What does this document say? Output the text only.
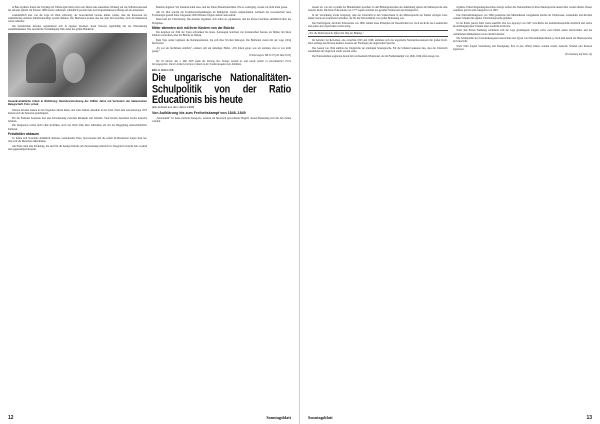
in Bau ergriffen, hatten die Vorgänge im Volkswagen-Werk schon seit Jahren eine erkennbare Wirkung auf das Selbstbewusstsein der Arbeiter gehabt. Im Februar 1969 wurde verhandelt, schließlich gewann man auch Zugeständnisse in Bezug auf die Arbeitszeit.

Grundsätzlich aber war die Lage im Werk schwierig; die Gewerkschaft betonte immer wieder, dass die Interessen der ausländischen Arbeiter mitberücksichtigt werden müssten. Der Betriebsrat konnte dies nur zum Teil erreichen, doch die Diskussion wurde lebhafter.

Die italienischen Arbeiter organisierten sich in eigenen Vereinen, deren Vertreter regelmäßig mit der Werksleitung zusammenkamen. Die sprachliche Verständigung blieb dabei das größte Hindernis.

Gewerkschaftliche Arbeit in Wolfsburg: Betriebsratssitzung der 1960er Jahre mit Vertretern der italienischen Belegschaft. Foto: privat

Weitere Arbeiter kamen in den folgenden Jahren hinzu, und viele blieben dauerhaft in der Stadt. Nach dem Anwerbestopp 1973 änderte sich die Situation grundlegend.

Für die Familien bedeutete dies eine Entscheidung zwischen Rückkehr und Verbleib. Viele Kinder besuchten bereits deutsche Schulen.

Die Integration verlief nicht ohne Konflikte, doch das Werk blieb über Jahrzehnte ein Ort der Begegnung unterschiedlicher Kulturen.

Feindbilder abbauen

So ließen sich Vorurteile allmählich abbauen. Gemeinsame Feste, Sportvereine und die Arbeit im Betriebsrat trugen dazu bei, dass sich die Menschen näherkamen.

Am Ende stand eine Erfahrung, die auch für die heutige Debatte um Zuwanderung lehrreich ist: Integration braucht Zeit, Geduld und gegenseitigen Respekt.

Betriebe abgeben. Wir bekamen dafür neue, und nur bittere Bauarbeiterlöhne. Wie es weiterging, wissen wir nicht mehr genau.

Am 24. Mai wurden die Koalitionsverhandlungen im Ruhrgebiet wieder aufgenommen, nachdem die Gewerkschaft neue Forderungen gestellt hatte. Insgesamt 2200 Offiziere folgten damals dem Aufruf.

Dann kam der Umschwung: Die Arbeiter begannen, sich selbst zu organisieren, und die Presse berichtete ausführlich über die Ereignisse.

Mitter stimmten sich mit ihren Kindern von der Brücke

Die Angaben zur Zahl der Toten schwanken bis heute. Zeitzeugen berichten von dramatischen Szenen, als Mütter mit ihren Kindern versuchten, über die Brücke zu fliehen.

Dem Tage später beginnen die Rettungsarbeiten, die sich über Wochen hinzogen. Die Behörden waren mit der Lage völlig überfordert.

„Es war ein furchtbarer Anblick“, erinnert sich ein damaliger Helfer. „Wir haben getan, was wir konnten, aber es war nicht genug.“

Erinnerungen: BP 213/3 (28. Mai 2015)

Vor 20 Jahren: Am 1. Mai 1995 nahm die Zeitung ihre heutige Gestalt an und wurde seither in unveränderter Form herausgegeben. Dieser Artikel erschien erstmals in der Sonderausgabe zum Jubiläum.

BÉLA HOLLÓS
Die ungarische Nationalitäten-Schulpolitik von der Ratio Educationis bis heute
(Ein Aufsatz aus dem Jahre 1990)
Von Aufklärung bis zum Freiheitskampf von 1848–1849

„Nationalität“ ist keine statische Kategorie, sondern ein historisch gewachsener Begriff, dessen Bedeutung sich mit den Zeiten wandelt.

12	Sonntagsblatt

dessen wir von der Loyalität der Minderheiten sprechen. In den Bildungsreformen der Aufklärung spielte die Muttersprache eine zentrale Rolle: Die Ratio Educationis von 1777 regelte erstmals das gesamte Schulwesen des Königreichs.

In der Verordnung wurde festgelegt, dass der Unterricht in den Volksschulen in der Muttersprache der Kinder erfolgen solle. Damit wurde ein Grundsatz formuliert, der für die Nationalitäten von großer Bedeutung war.

Die Nachfolgerin, die Ratio Educationis von 1806, behielt diese Prinzipien im Wesentlichen bei, doch die Rolle des Lateinischen und später des Ungarischen wuchs stetig.

„Nur die Muttersprache öffnet den Weg zur Bildung.“

Im Zeitalter der Reformen, also zwischen 1825 und 1848, entfaltete sich das ungarische Nationalbewusstsein mit großer Kraft. Die Landtage beschlossen mehrere Gesetze zur Förderung der ungarischen Sprache.

Das Gesetz von 1844 erklärte das Ungarische zur alleinigen Staatssprache. Für die Schulen bedeutete dies, dass der Unterricht zunehmend auf Ungarisch erteilt werden sollte.

Die Nationalitäten reagierten darauf mit wachsendem Widerstand, der im Freiheitskampf von 1848–1849 offen zutage trat.

ergänzte. Einem Regierungsbeschluss zufolge sollten alle Nationalitäten in ihrer Muttersprache unterrichtet werden dürfen. Dieser Grundsatz galt bis zum Ausgleich von 1867.

Das Nationalitätengesetz von 1868 garantierte den Minderheiten weitgehende Rechte im Schulwesen. Gemeinden und Kirchen konnten Schulen mit eigener Unterrichtssprache gründen.

In der Praxis jedoch blieb vieles unerfüllt. Die Lex Apponyi von 1907 verschärfte die Assimilationspolitik erheblich und stellte die nichtungarischen Schulen unter staatliche Kontrolle.

Nach dem Ersten Weltkrieg veränderte sich die Lage grundlegend. Ungarn verlor zwei Drittel seines Territoriums, und die verbliebenen Minderheiten waren deutlich kleiner.

Die Schulpolitik der Zwischenkriegszeit unterschied drei Typen von Nationalitätenschulen, je nach dem Anteil der Muttersprache am Unterricht.

Nach 1945 folgten Vertreibung und Enteignung. Erst in den 1950er Jahren wurden wieder deutsche Schulen und Klassen zugelassen.

(Fortsetzung auf Seite 14)
Sonntagsblatt	13
